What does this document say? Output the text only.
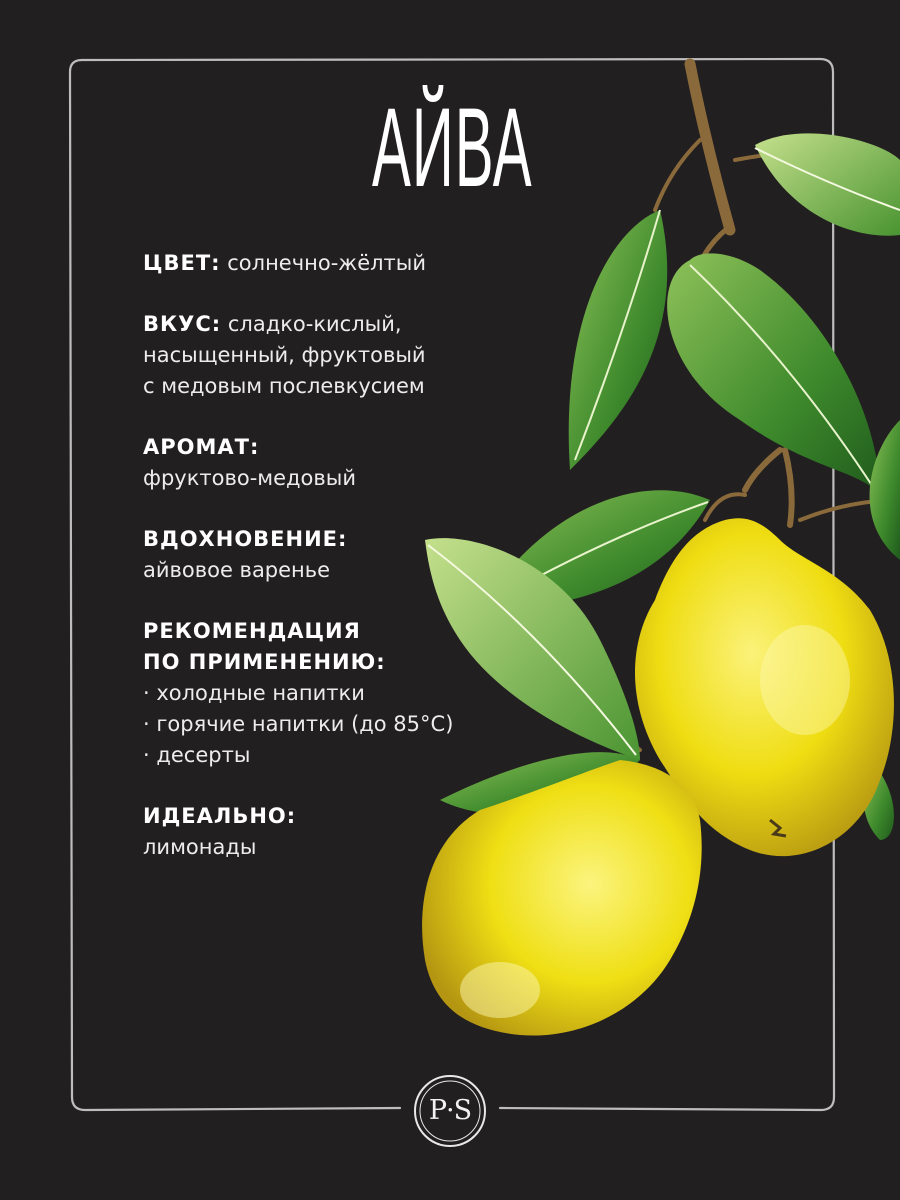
АЙВА

ЦВЕТ: солнечно-жёлтый

ВКУС: сладко-кислый,
насыщенный, фруктовый
с медовым послевкусием

АРОМАТ:
фруктово-медовый

ВДОХНОВЕНИЕ:
айвовое варенье

РЕКОМЕНДАЦИЯ
ПО ПРИМЕНЕНИЮ:
· холодные напитки
· горячие напитки (до 85°C)
· десерты

ИДЕАЛЬНО:
лимонады

P·S
